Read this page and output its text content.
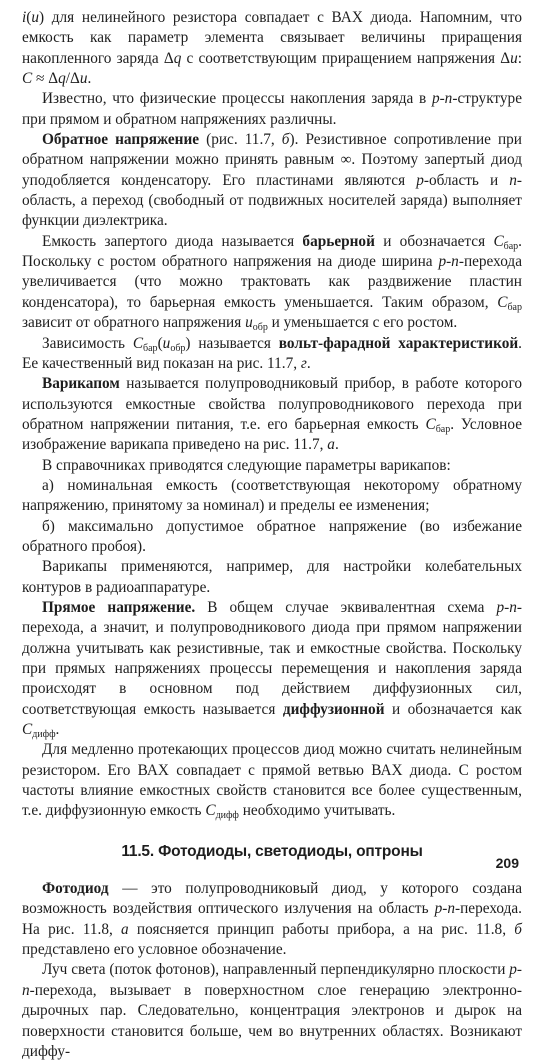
i(u) для нелинейного резистора совпадает с ВАХ диода. Напомним, что емкость как параметр элемента связывает величины приращения накопленного заряда Δq с соответствующим приращением напряжения Δu: C ≈ Δq/Δu.

Известно, что физические процессы накопления заряда в p-n-структуре при прямом и обратном напряжениях различны.

Обратное напряжение (рис. 11.7, б). Резистивное сопротивление при обратном напряжении можно принять равным ∞. Поэтому запертый диод уподобляется конденсатору. Его пластинами являются p-область и n-область, а переход (свободный от подвижных носителей заряда) выполняет функции диэлектрика.

Емкость запертого диода называется барьерной и обозначается $C_{бар}$. Поскольку с ростом обратного напряжения на диоде ширина p-n-перехода увеличивается (что можно трактовать как раздвижение пластин конденсатора), то барьерная емкость уменьшается. Таким образом, $C_{бар}$ зависит от обратного напряжения $u_{обр}$ и уменьшается с его ростом.

Зависимость $C_{бар}(u_{обр})$ называется вольт-фарадной характеристикой. Ее качественный вид показан на рис. 11.7, г.

Варикапом называется полупроводниковый прибор, в работе которого используются емкостные свойства полупроводникового перехода при обратном напряжении питания, т.е. его барьерная емкость $C_{бар}$. Условное изображение варикапа приведено на рис. 11.7, а.

В справочниках приводятся следующие параметры варикапов:

а) номинальная емкость (соответствующая некоторому обратному напряжению, принятому за номинал) и пределы ее изменения;

б) максимально допустимое обратное напряжение (во избежание обратного пробоя).

Варикапы применяются, например, для настройки колебательных контуров в радиоаппаратуре.

Прямое напряжение. В общем случае эквивалентная схема p-n-перехода, а значит, и полупроводникового диода при прямом напряжении должна учитывать как резистивные, так и емкостные свойства. Поскольку при прямых напряжениях процессы перемещения и накопления заряда происходят в основном под действием диффузионных сил, соответствующая емкость называется диффузионной и обозначается как $C_{дифф}$.

Для медленно протекающих процессов диод можно считать нелинейным резистором. Его ВАХ совпадает с прямой ветвью ВАХ диода. С ростом частоты влияние емкостных свойств становится все более существенным, т.е. диффузионную емкость $C_{дифф}$ необходимо учитывать.

11.5. Фотодиоды, светодиоды, оптроны

Фотодиод — это полупроводниковый диод, у которого создана возможность воздействия оптического излучения на область p-n-перехода. На рис. 11.8, а поясняется принцип работы прибора, а на рис. 11.8, б представлено его условное обозначение.

Луч света (поток фотонов), направленный перпендикулярно плоскости p-n-перехода, вызывает в поверхностном слое генерацию электронно-дырочных пар. Следовательно, концентрация электронов и дырок на поверхности становится больше, чем во внутренних областях. Возникают диффу-

209
